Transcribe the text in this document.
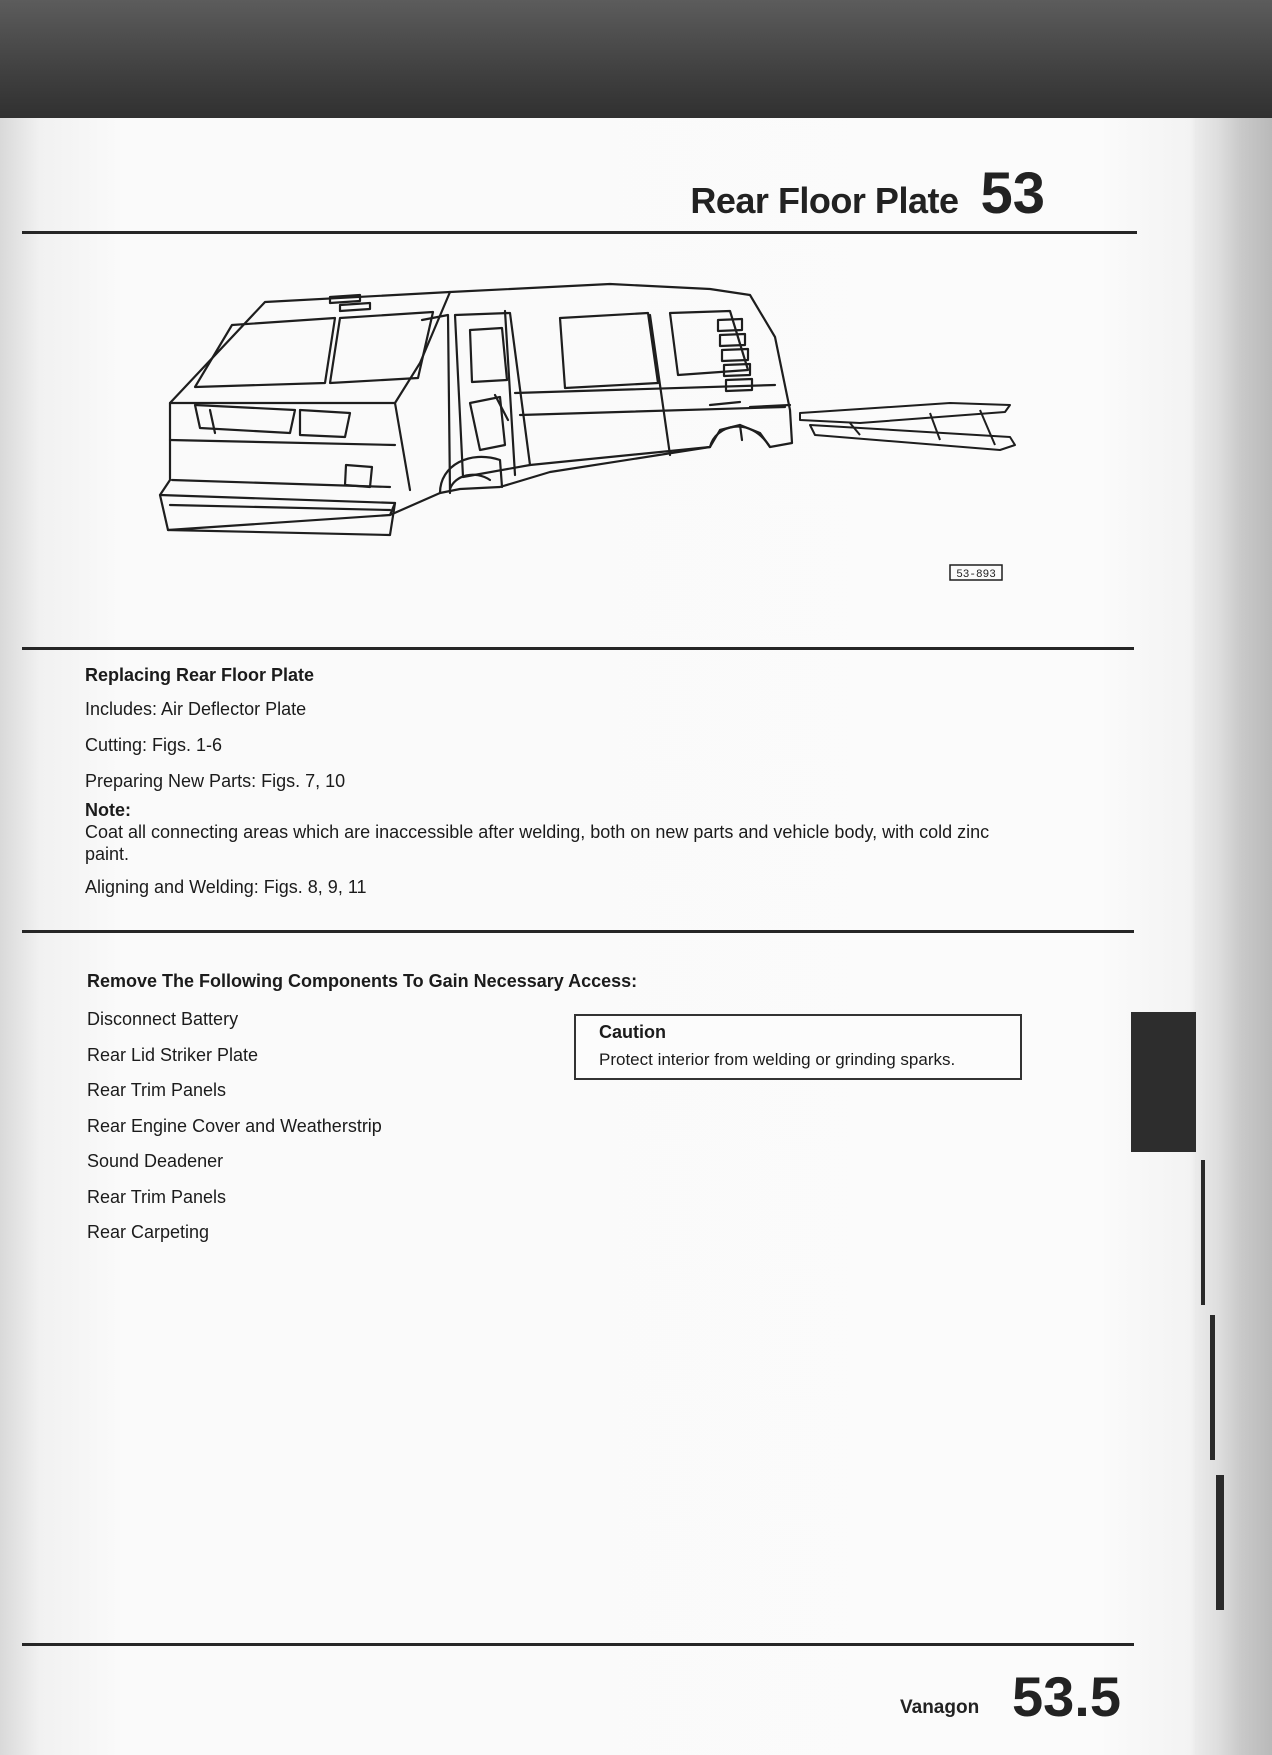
Rear Floor Plate 53
53-893

Replacing Rear Floor Plate

Includes: Air Deflector Plate

Cutting: Figs. 1-6

Preparing New Parts: Figs. 7, 10

Note:

Coat all connecting areas which are inaccessible after welding, both on new parts and vehicle body, with cold zinc paint.

Aligning and Welding: Figs. 8, 9, 11

Remove The Following Components To Gain Necessary Access:
Disconnect Battery
Rear Lid Striker Plate
Rear Trim Panels
Rear Engine Cover and Weatherstrip
Sound Deadener
Rear Trim Panels
Rear Carpeting
Caution
Protect interior from welding or grinding sparks.
Vanagon 53.5
